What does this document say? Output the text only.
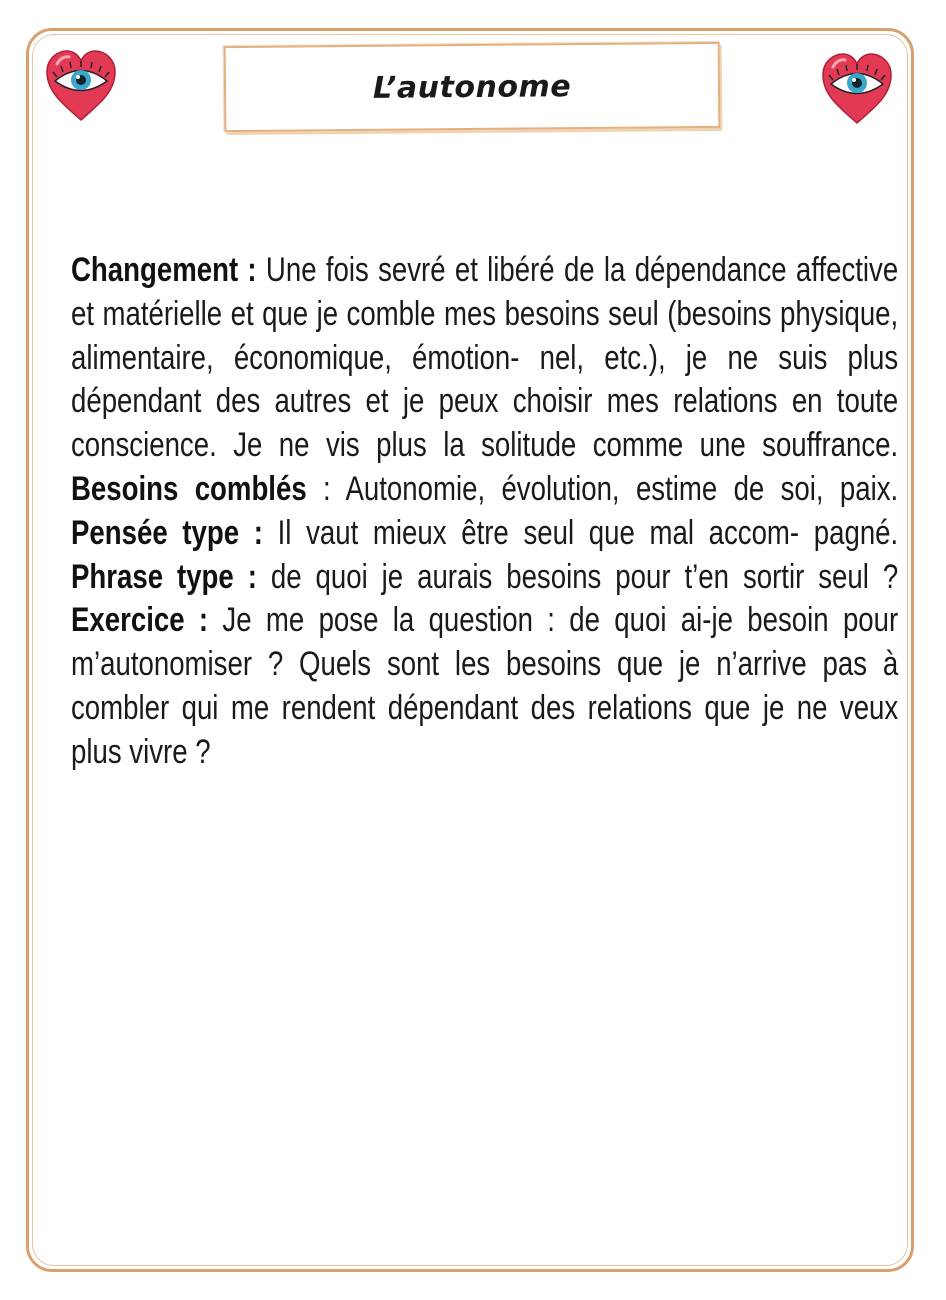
L’autonome
Changement : Une fois sevré et libéré de la dépendance affective et matérielle et que je comble mes besoins seul (besoins physique, alimentaire, économique, émotion- nel, etc.), je ne suis plus dépendant des autres et je peux choisir mes relations en toute conscience. Je ne vis plus la solitude comme une souffrance. Besoins comblés : Autonomie, évolution, estime de soi, paix. Pensée type : Il vaut mieux être seul que mal accom- pagné. Phrase type : de quoi je aurais besoins pour t’en sortir seul ? Exercice : Je me pose la question : de quoi ai-je besoin pour m’autonomiser ? Quels sont les besoins que je n’arrive pas à combler qui me rendent dépendant des relations que je ne veux plus vivre ?
